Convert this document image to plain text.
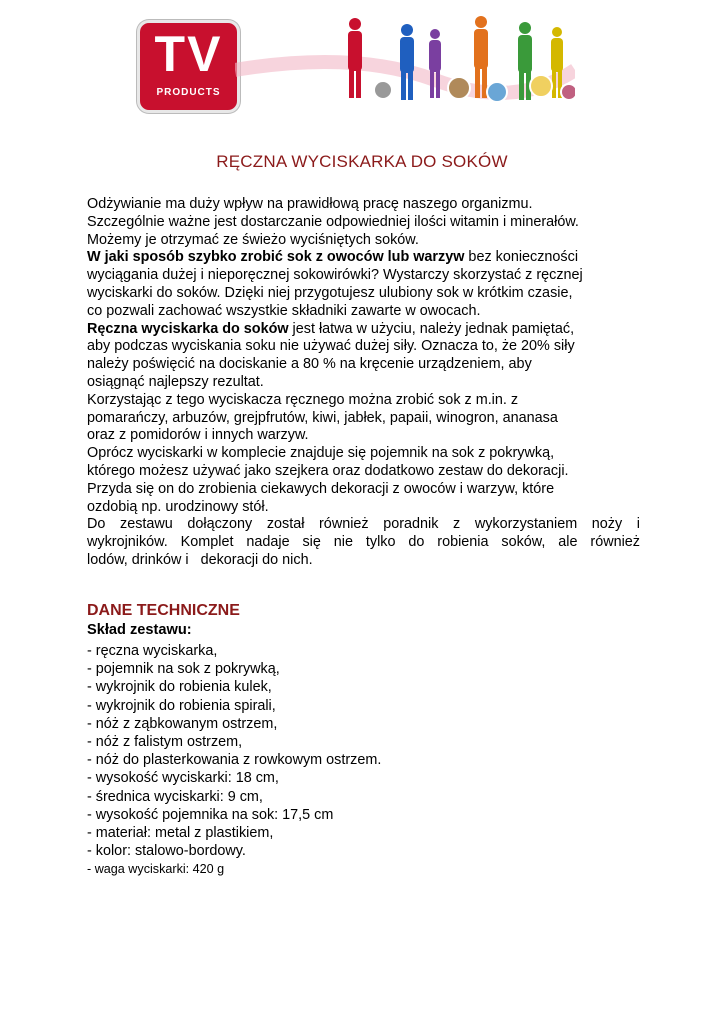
TV
PRODUCTS
RĘCZNA WYCISKARKA DO SOKÓW

Odżywianie ma duży wpływ na prawidłową pracę naszego organizmu.

Szczególnie ważne jest dostarczanie odpowiedniej ilości witamin i minerałów.

Możemy je otrzymać ze świeżo wyciśniętych soków.

W jaki sposób szybko zrobić sok z owoców lub warzyw bez konieczności

wyciągania dużej i nieporęcznej sokowirówki? Wystarczy skorzystać z ręcznej

wyciskarki do soków. Dzięki niej przygotujesz ulubiony sok w krótkim czasie,

co pozwali zachować wszystkie składniki zawarte w owocach.

Ręczna wyciskarka do soków jest łatwa w użyciu, należy jednak pamiętać,

aby podczas wyciskania soku nie używać dużej siły. Oznacza to, że 20% siły

należy poświęcić na dociskanie a 80 % na kręcenie urządzeniem, aby

osiągnąć najlepszy rezultat.

Korzystając z tego wyciskacza ręcznego można zrobić sok z m.in. z

pomarańczy, arbuzów, grejpfrutów, kiwi, jabłek, papaii, winogron, ananasa

oraz z pomidorów i innych warzyw.

Oprócz wyciskarki w komplecie znajduje się pojemnik na sok z pokrywką,

którego możesz używać jako szejkera oraz dodatkowo zestaw do dekoracji.

Przyda się on do zrobienia ciekawych dekoracji z owoców i warzyw, które

ozdobią np. urodzinowy stół.

Do zestawu dołączony został również poradnik z wykorzystaniem noży i

wykrojników. Komplet nadaje się nie tylko do robienia soków, ale również

lodów, drinków i   dekoracji do nich.

DANE TECHNICZNE
Skład zestawu:
- ręczna wyciskarka,
- pojemnik na sok z pokrywką,
- wykrojnik do robienia kulek,
- wykrojnik do robienia spirali,
- nóż z ząbkowanym ostrzem,
- nóż z falistym ostrzem,
- nóż do plasterkowania z rowkowym ostrzem.
- wysokość wyciskarki: 18 cm,
- średnica wyciskarki: 9 cm,
- wysokość pojemnika na sok: 17,5 cm
- materiał: metal z plastikiem,
- kolor: stalowo-bordowy.
- waga wyciskarki: 420 g
